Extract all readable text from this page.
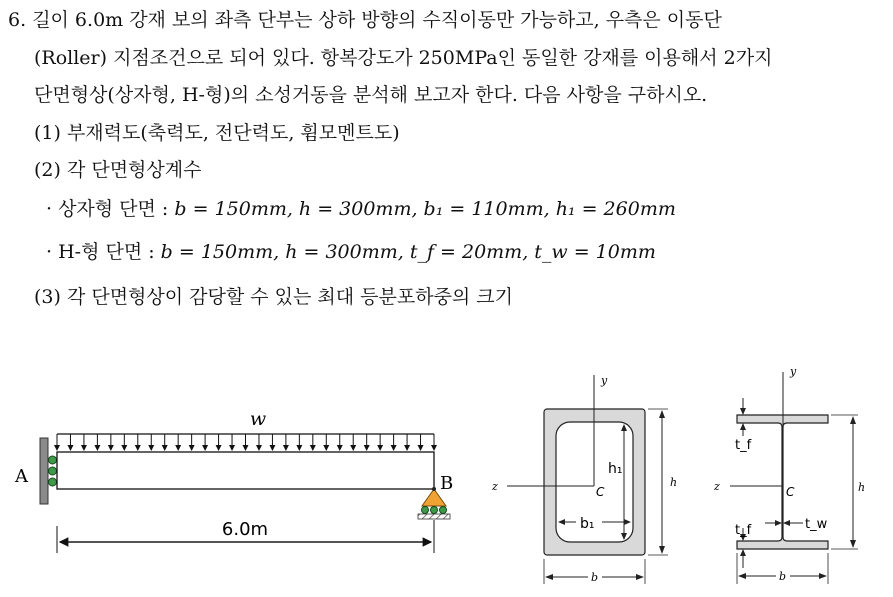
6. 길이 6.0m 강재 보의 좌측 단부는 상하 방향의 수직이동만 가능하고, 우측은 이동단
(Roller) 지점조건으로 되어 있다. 항복강도가 250MPa인 동일한 강재를 이용해서 2가지
단면형상(상자형, H-형)의 소성거동을 분석해 보고자 한다. 다음 사항을 구하시오.
(1) 부재력도(축력도, 전단력도, 휨모멘트도)
(2) 각 단면형상계수
· 상자형 단면 : b = 150mm, h = 300mm, b₁ = 110mm, h₁ = 260mm
· H-형 단면 : b = 150mm, h = 300mm, t_f = 20mm, t_w = 10mm
(3) 각 단면형상이 감당할 수 있는 최대 등분포하중의 크기
w
A	B
6.0m
y
z	C
h₁
b₁
h
b
y
z	C
t_f
t_f	t_w
h
b
